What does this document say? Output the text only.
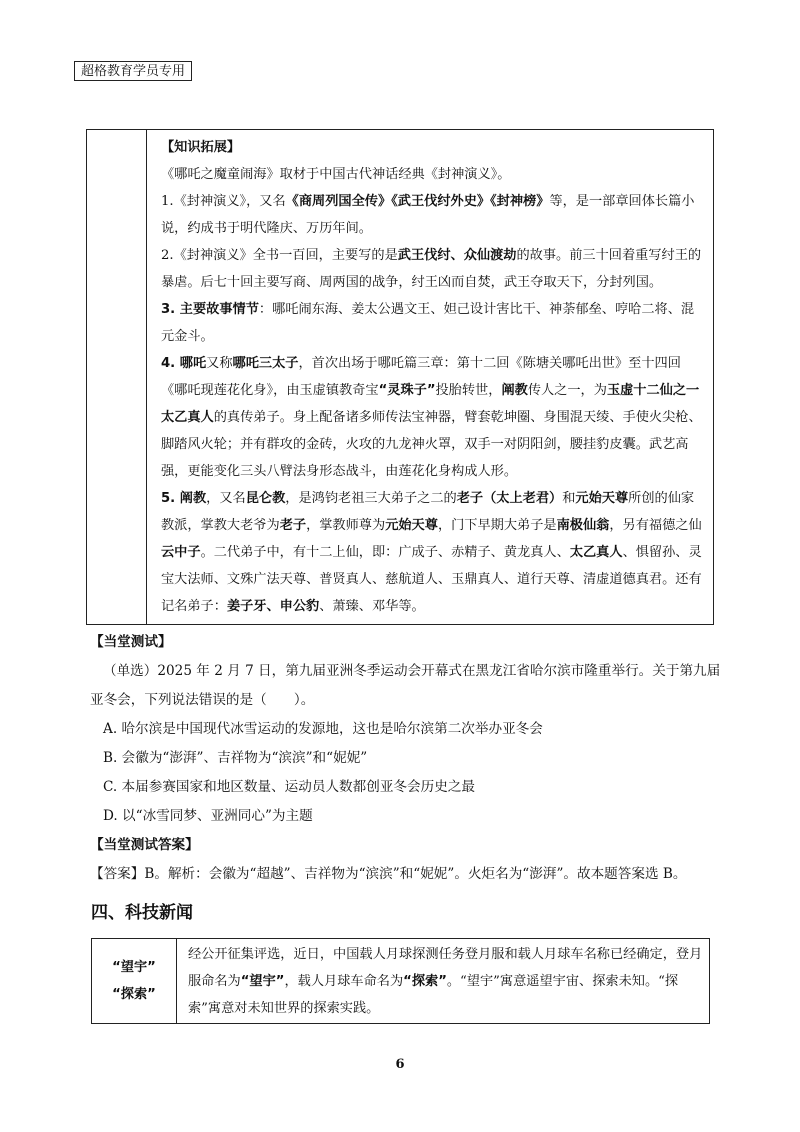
超格教育学员专用

【知识拓展】

《哪吒之魔童闹海》取材于中国古代神话经典《封神演义》。

1.《封神演义》，又名《商周列国全传》《武王伐纣外史》《封神榜》等，是一部章回体长篇小说，约成书于明代隆庆、万历年间。

2.《封神演义》全书一百回，主要写的是武王伐纣、众仙渡劫的故事。前三十回着重写纣王的暴虐。后七十回主要写商、周两国的战争，纣王凶而自焚，武王夺取天下，分封列国。

3. 主要故事情节：哪吒闹东海、姜太公遇文王、妲己设计害比干、神荼郁垒、哼哈二将、混元金斗。

4. 哪吒又称哪吒三太子，首次出场于哪吒篇三章：第十二回《陈塘关哪吒出世》至十四回《哪吒现莲花化身》，由玉虚镇教奇宝“灵珠子”投胎转世，阐教传人之一，为玉虚十二仙之一太乙真人的真传弟子。身上配备诸多师传法宝神器，臂套乾坤圈、身围混天绫、手使火尖枪、脚踏风火轮；并有群攻的金砖，火攻的九龙神火罩，双手一对阴阳剑，腰挂豹皮囊。武艺高强，更能变化三头八臂法身形态战斗，由莲花化身构成人形。

5. 阐教，又名昆仑教，是鸿钧老祖三大弟子之二的老子（太上老君）和元始天尊所创的仙家教派，掌教大老爷为老子，掌教师尊为元始天尊，门下早期大弟子是南极仙翁，另有福德之仙云中子。二代弟子中，有十二上仙，即：广成子、赤精子、黄龙真人、太乙真人、惧留孙、灵宝大法师、文殊广法天尊、普贤真人、慈航道人、玉鼎真人、道行天尊、清虚道德真君。还有记名弟子：姜子牙、申公豹、萧臻、邓华等。

【当堂测试】

（单选）2025 年 2 月 7 日，第九届亚洲冬季运动会开幕式在黑龙江省哈尔滨市隆重举行。关于第九届亚冬会，下列说法错误的是（　　）。

A. 哈尔滨是中国现代冰雪运动的发源地，这也是哈尔滨第二次举办亚冬会

B. 会徽为“澎湃”、吉祥物为“滨滨”和“妮妮”

C. 本届参赛国家和地区数量、运动员人数都创亚冬会历史之最

D. 以“冰雪同梦、亚洲同心”为主题

【当堂测试答案】

【答案】B。解析：会徽为“超越”、吉祥物为“滨滨”和“妮妮”。火炬名为“澎湃”。故本题答案选 B。

四、科技新闻
“望宇”
“探索”
经公开征集评选，近日，中国载人月球探测任务登月服和载人月球车名称已经确定，登月服命名为“望宇”，载人月球车命名为“探索”。“望宇”寓意遥望宇宙、探索未知。“探索”寓意对未知世界的探索实践。
6
